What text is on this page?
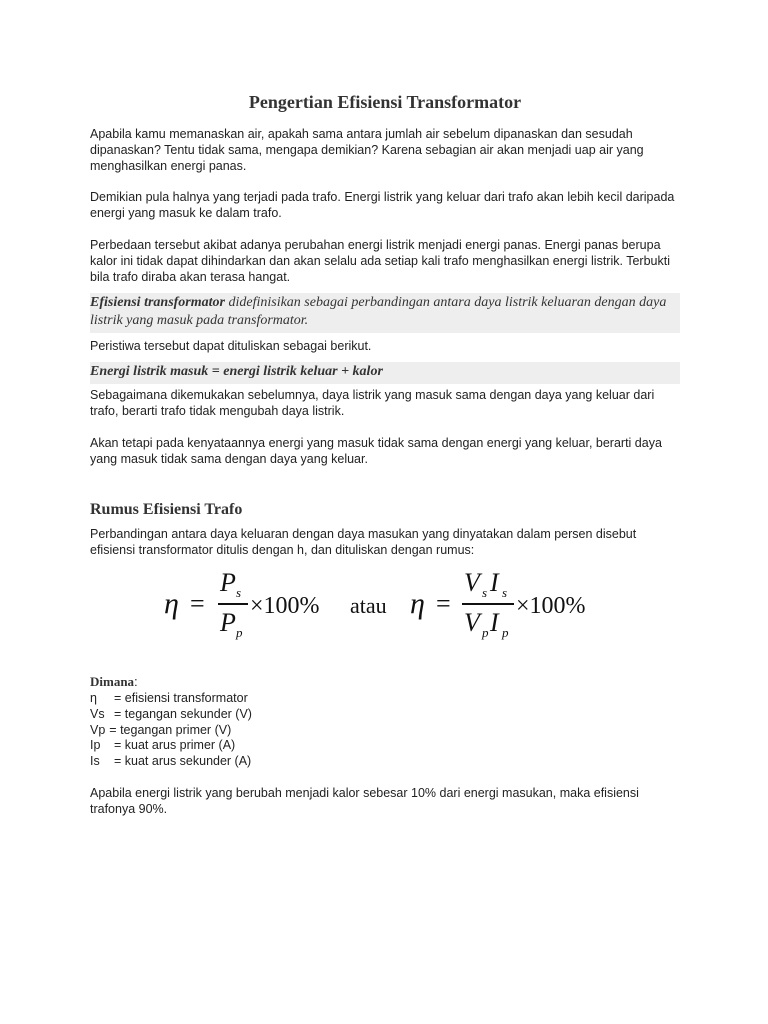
Pengertian Efisiensi Transformator

Apabila kamu memanaskan air, apakah sama antara jumlah air sebelum dipanaskan dan sesudah dipanaskan? Tentu tidak sama, mengapa demikian? Karena sebagian air akan menjadi uap air yang menghasilkan energi panas.

Demikian pula halnya yang terjadi pada trafo. Energi listrik yang keluar dari trafo akan lebih kecil daripada energi yang masuk ke dalam trafo.

Perbedaan tersebut akibat adanya perubahan energi listrik menjadi energi panas. Energi panas berupa kalor ini tidak dapat dihindarkan dan akan selalu ada setiap kali trafo menghasilkan energi listrik. Terbukti bila trafo diraba akan terasa hangat.

Efisiensi transformator didefinisikan sebagai perbandingan antara daya listrik keluaran dengan daya listrik yang masuk pada transformator.

Peristiwa tersebut dapat dituliskan sebagai berikut.

Energi listrik masuk = energi listrik keluar + kalor

Sebagaimana dikemukakan sebelumnya, daya listrik yang masuk sama dengan daya yang keluar dari trafo, berarti trafo tidak mengubah daya listrik.

Akan tetapi pada kenyataannya energi yang masuk tidak sama dengan energi yang keluar, berarti daya yang masuk tidak sama dengan daya yang keluar.

Rumus Efisiensi Trafo

Perbandingan antara daya keluaran dengan daya masukan yang dinyatakan dalam persen disebut efisiensi transformator ditulis dengan h, dan dituliskan dengan rumus:

η =
P s
P p
×100% atau η =
V s I s
V p I p
×100%
Dimana:
η = efisiensi transformator
Vs = tegangan sekunder (V)
Vp = tegangan primer (V)
Ip = kuat arus primer (A)
Is = kuat arus sekunder (A)

Apabila energi listrik yang berubah menjadi kalor sebesar 10% dari energi masukan, maka efisiensi trafonya 90%.
